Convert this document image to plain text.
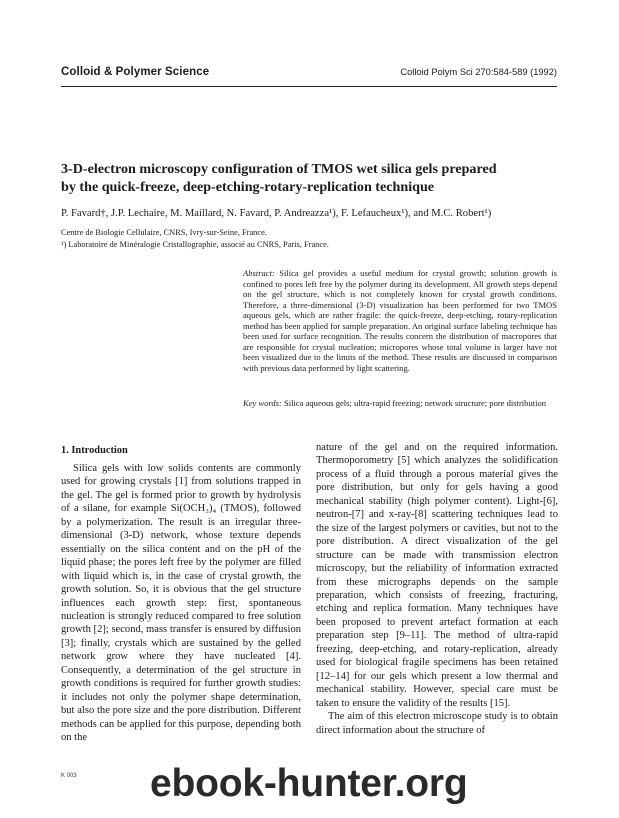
Colloid & Polymer Science	Colloid Polym Sci 270:584-589 (1992)
3-D-electron microscopy configuration of TMOS wet silica gels prepared
by the quick-freeze, deep-etching-rotary-replication technique
P. Favard†, J.P. Lechaire, M. Maillard, N. Favard, P. Andreazza¹), F. Lefaucheux¹), and M.C. Robert¹)
Centre de Biologie Cellulaire, CNRS, Ivry-sur-Seine, France.
¹) Laboratoire de Minéralogie Cristallographie, associé au CNRS, Paris, France.

Abstract: Silica gel provides a useful medium for crystal growth; solution growth is confined to pores left free by the polymer during its development. All growth steps depend on the gel structure, which is not completely known for crystal growth conditions. Therefore, a three-dimensional (3-D) visualization has been performed for two TMOS aqueous gels, which are rather fragile: the quick-freeze, deep-etching, rotary-replication method has been applied for sample preparation. An original surface labeling technique has been used for surface recognition. The results concern the distribution of macropores that are responsible for crystal nucleation; micropores whose total volume is larger have not been visualized due to the limits of the method. These results are discussed in comparison with previous data performed by light scattering.

Key words: Silica aqueous gels; ultra-rapid freezing; network structure; pore distribution
1. Introduction

Silica gels with low solids contents are commonly used for growing crystals [1] from solutions trapped in the gel. The gel is formed prior to growth by hydrolysis of a silane, for example Si(OCH₃)₄ (TMOS), followed by a polymerization. The result is an irregular three-dimensional (3-D) network, whose texture depends essentially on the silica content and on the pH of the liquid phase; the pores left free by the polymer are filled with liquid which is, in the case of crystal growth, the growth solution. So, it is obvious that the gel structure influences each growth step: first, spontaneous nucleation is strongly reduced compared to free solution growth [2]; second, mass transfer is ensured by diffusion [3]; finally, crystals which are sustained by the gelled network grow where they have nucleated [4]. Consequently, a determination of the gel structure in growth conditions is required for further growth studies: it includes not only the polymer shape determination, but also the pore size and the pore distribution. Different methods can be applied for this purpose, depending both on the

nature of the gel and on the required information. Thermoporometry [5] which analyzes the solidification process of a fluid through a porous material gives the pore distribution, but only for gels having a good mechanical stability (high polymer content). Light-[6], neutron-[7] and x-ray-[8] scattering techniques lead to the size of the largest polymers or cavities, but not to the pore distribution. A direct visualization of the gel structure can be made with transmission electron microscopy, but the reliability of information extracted from these micrographs depends on the sample preparation, which consists of freezing, fracturing, etching and replica formation. Many techniques have been proposed to prevent artefact formation at each preparation step [9–11]. The method of ultra-rapid freezing, deep-etching, and rotary-replication, already used for biological fragile specimens has been retained [12–14] for our gels which present a low thermal and mechanical stability. However, special care must be taken to ensure the validity of the results [15].

The aim of this electron microscope study is to obtain direct information about the structure of

K 003 ebook-hunter.org
